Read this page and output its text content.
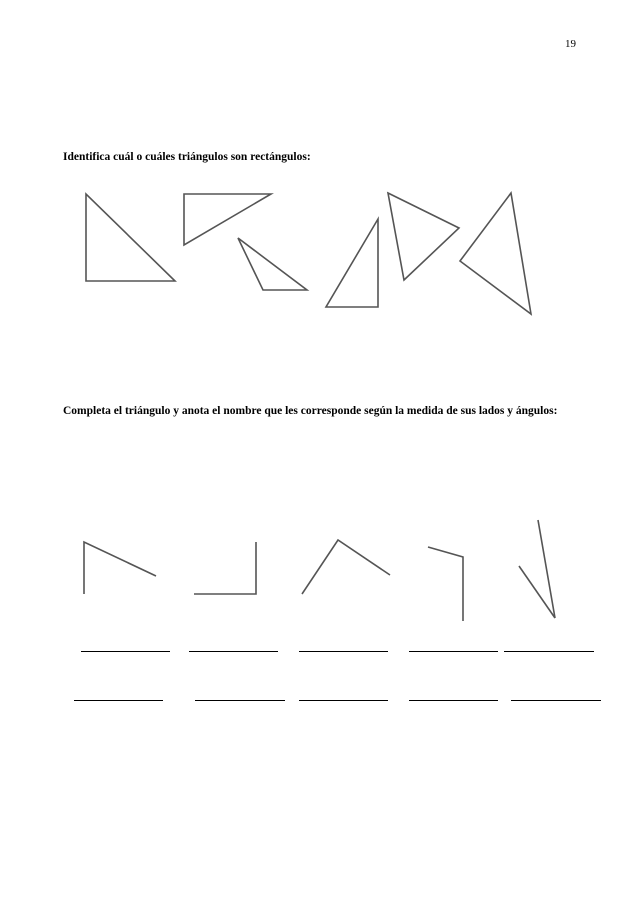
19
Identifica cuál o cuáles triángulos son rectángulos:
Completa el triángulo y anota el nombre que les corresponde según la medida de sus lados y ángulos:
